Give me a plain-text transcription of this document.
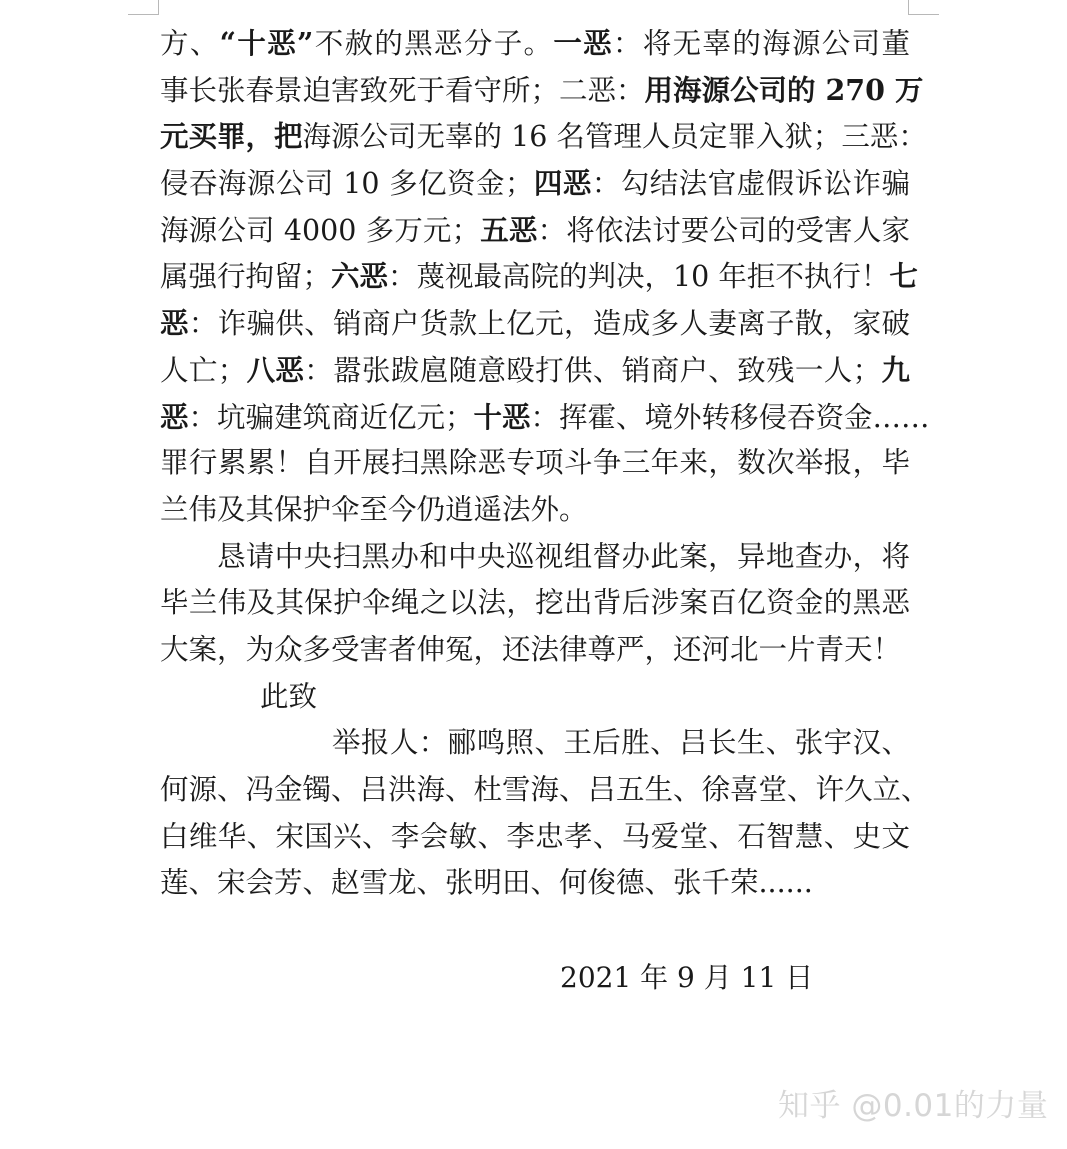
方、“十恶”不赦的黑恶分子。一恶：将无辜的海源公司董
事长张春景迫害致死于看守所；二恶：用海源公司的 270 万
元买罪，把海源公司无辜的 16 名管理人员定罪入狱；三恶：
侵吞海源公司 10 多亿资金；四恶：勾结法官虚假诉讼诈骗
海源公司 4000 多万元；五恶：将依法讨要公司的受害人家
属强行拘留；六恶：蔑视最高院的判决，10 年拒不执行！七
恶：诈骗供、销商户货款上亿元，造成多人妻离子散，家破
人亡；八恶：嚣张跋扈随意殴打供、销商户、致残一人；九
恶：坑骗建筑商近亿元；十恶：挥霍、境外转移侵吞资金……
罪行累累！自开展扫黑除恶专项斗争三年来，数次举报，毕
兰伟及其保护伞至今仍逍遥法外。
恳请中央扫黑办和中央巡视组督办此案，异地查办，将
毕兰伟及其保护伞绳之以法，挖出背后涉案百亿资金的黑恶
大案，为众多受害者伸冤，还法律尊严，还河北一片青天！
此致
举报人：郦鸣照、王后胜、吕长生、张宇汉、
何源、冯金镯、吕洪海、杜雪海、吕五生、徐喜堂、许久立、
白维华、宋国兴、李会敏、李忠孝、马爱堂、石智慧、史文
莲、宋会芳、赵雪龙、张明田、何俊德、张千荣......
2021 年 9 月 11 日
知乎 @0.01的力量
